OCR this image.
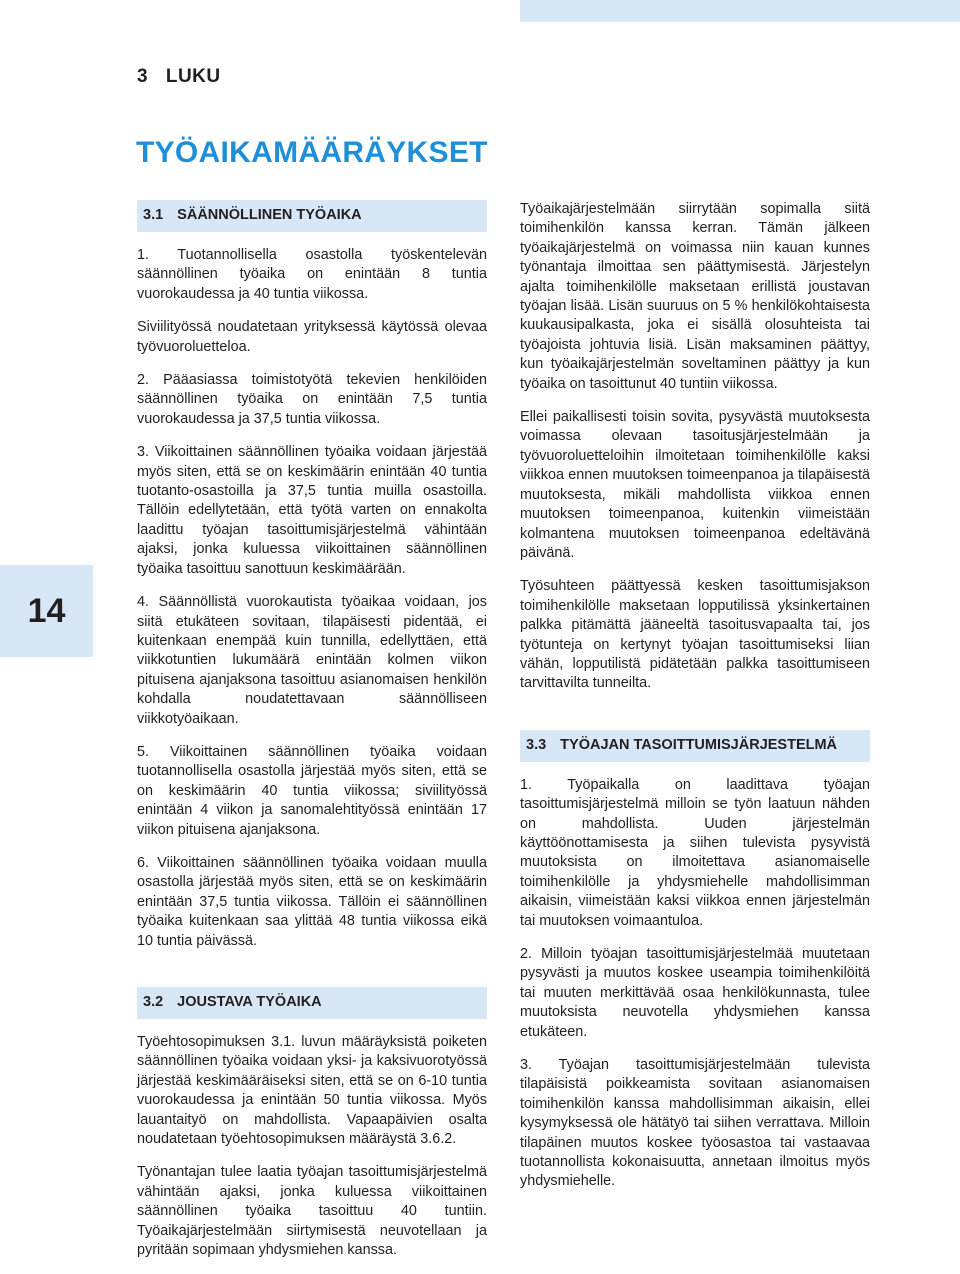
3 LUKU
TYÖAIKAMÄÄRÄYKSET
14
3.1 SÄÄNNÖLLINEN TYÖAIKA

1. Tuotannollisella osastolla työskentelevän säännöllinen työaika on enintään 8 tuntia vuorokaudessa ja 40 tuntia viikossa.

Siviilityössä noudatetaan yrityksessä käytössä olevaa työvuoroluetteloa.

2. Pääasiassa toimistotyötä tekevien henkilöiden säännöllinen työaika on enintään 7,5 tuntia vuorokaudessa ja 37,5 tuntia viikossa.

3. Viikoittainen säännöllinen työaika voidaan järjestää myös siten, että se on keskimäärin enintään 40 tuntia tuotanto-osastoilla ja 37,5 tuntia muilla osastoilla. Tällöin edellytetään, että työtä varten on ennakolta laadittu työajan tasoittumisjärjestelmä vähintään ajaksi, jonka kuluessa viikoittainen säännöllinen työaika tasoittuu sanottuun keskimäärään.

4. Säännöllistä vuorokautista työaikaa voidaan, jos siitä etukäteen sovitaan, tilapäisesti pidentää, ei kuitenkaan enempää kuin tunnilla, edellyttäen, että viikkotuntien lukumäärä enintään kolmen viikon pituisena ajanjaksona tasoittuu asianomaisen henkilön kohdalla noudatettavaan säännölliseen viikkotyöaikaan.

5. Viikoittainen säännöllinen työaika voidaan tuotannollisella osastolla järjestää myös siten, että se on keskimäärin 40 tuntia viikossa; siviilityössä enintään 4 viikon ja sanomalehtityössä enintään 17 viikon pituisena ajanjaksona.

6. Viikoittainen säännöllinen työaika voidaan muulla osastolla järjestää myös siten, että se on keskimäärin enintään 37,5 tuntia viikossa. Tällöin ei säännöllinen työaika kuitenkaan saa ylittää 48 tuntia viikossa eikä 10 tuntia päivässä.

3.2 JOUSTAVA TYÖAIKA

Työehtosopimuksen 3.1. luvun määräyksistä poiketen säännöllinen työaika voidaan yksi- ja kaksivuorotyössä järjestää keskimääräiseksi siten, että se on 6-10 tuntia vuorokaudessa ja enintään 50 tuntia viikossa. Myös lauantaityö on mahdollista. Vapaapäivien osalta noudatetaan työehtosopimuksen määräystä 3.6.2.

Työnantajan tulee laatia työajan tasoittumisjärjestelmä vähintään ajaksi, jonka kuluessa viikoittainen säännöllinen työaika tasoittuu 40 tuntiin. Työaikajärjestelmään siirtymisestä neuvotellaan ja pyritään sopimaan yhdysmiehen kanssa.

Työaikajärjestelmään siirrytään sopimalla siitä toimihenkilön kanssa kerran. Tämän jälkeen työaikajärjestelmä on voimassa niin kauan kunnes työnantaja ilmoittaa sen päättymisestä. Järjestelyn ajalta toimihenkilölle maksetaan erillistä joustavan työajan lisää. Lisän suuruus on 5 % henkilökohtaisesta kuukausipalkasta, joka ei sisällä olosuhteista tai työajoista johtuvia lisiä. Lisän maksaminen päättyy, kun työaikajärjestelmän soveltaminen päättyy ja kun työaika on tasoittunut 40 tuntiin viikossa.

Ellei paikallisesti toisin sovita, pysyvästä muutoksesta voimassa olevaan tasoitusjärjestelmään ja työvuoroluetteloihin ilmoitetaan toimihenkilölle kaksi viikkoa ennen muutoksen toimeenpanoa ja tilapäisestä muutoksesta, mikäli mahdollista viikkoa ennen muutoksen toimeenpanoa, kuitenkin viimeistään kolmantena muutoksen toimeenpanoa edeltävänä päivänä.

Työsuhteen päättyessä kesken tasoittumisjakson toimihenkilölle maksetaan lopputilissä yksinkertainen palkka pitämättä jääneeltä tasoitusvapaalta tai, jos työtunteja on kertynyt työajan tasoittumiseksi liian vähän, lopputilistä pidätetään palkka tasoittumiseen tarvittavilta tunneilta.

3.3 TYÖAJAN TASOITTUMISJÄRJESTELMÄ

1. Työpaikalla on laadittava työajan tasoittumisjärjestelmä milloin se työn laatuun nähden on mahdollista. Uuden järjestelmän käyttöönottamisesta ja siihen tulevista pysyvistä muutoksista on ilmoitettava asianomaiselle toimihenkilölle ja yhdysmiehelle mahdollisimman aikaisin, viimeistään kaksi viikkoa ennen järjestelmän tai muutoksen voimaantuloa.

2. Milloin työajan tasoittumisjärjestelmää muutetaan pysyvästi ja muutos koskee useampia toimihenkilöitä tai muuten merkittävää osaa henkilökunnasta, tulee muutoksista neuvotella yhdysmiehen kanssa etukäteen.

3. Työajan tasoittumisjärjestelmään tulevista tilapäisistä poikkeamista sovitaan asianomaisen toimihenkilön kanssa mahdollisimman aikaisin, ellei kysymyksessä ole hätätyö tai siihen verrattava. Milloin tilapäinen muutos koskee työosastoa tai vastaavaa tuotannollista kokonaisuutta, annetaan ilmoitus myös yhdysmiehelle.
